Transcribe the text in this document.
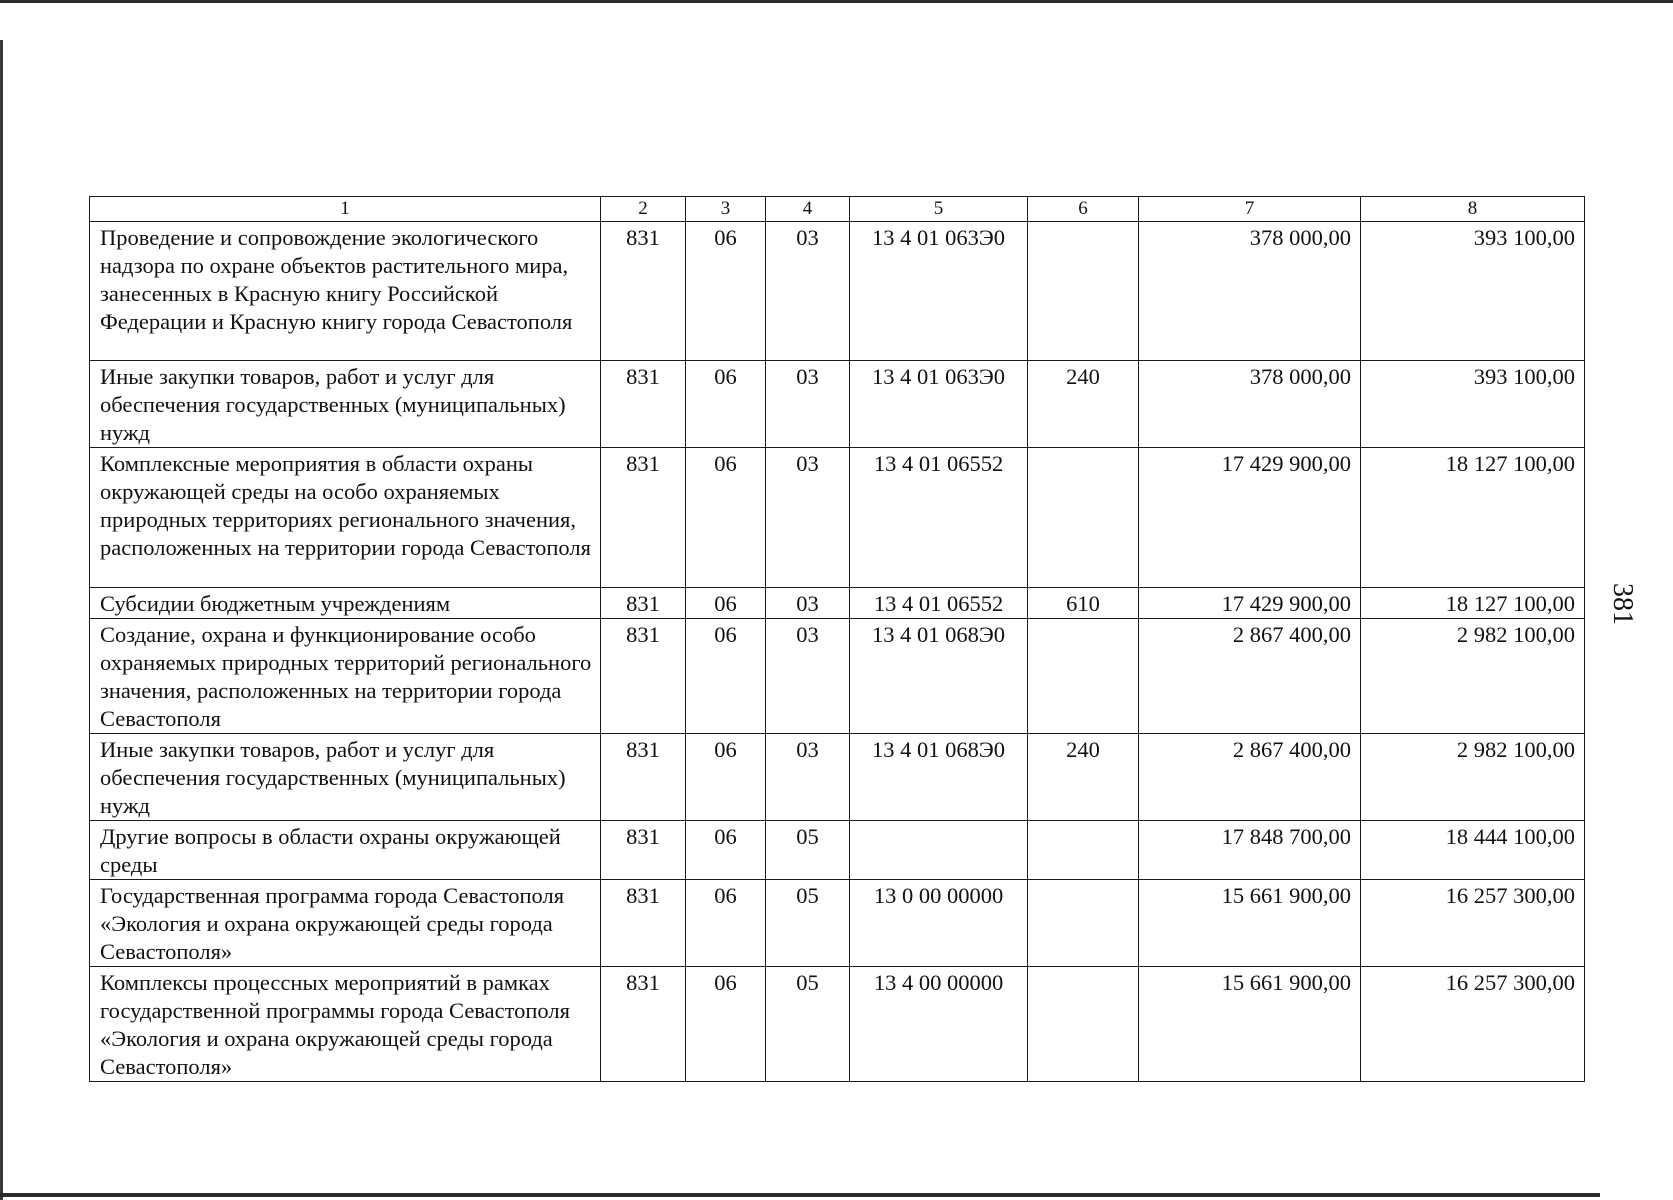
1	2	3	4	5	6	7	8
Проведение и сопровождение экологического надзора по охране объектов растительного мира, занесенных в Красную книгу Российской Федерации и Красную книгу города Севастополя	831	06	03	13 4 01 063Э0		378 000,00	393 100,00
Иные закупки товаров, работ и услуг для обеспечения государственных (муниципальных) нужд	831	06	03	13 4 01 063Э0	240	378 000,00	393 100,00
Комплексные мероприятия в области охраны окружающей среды на особо охраняемых природных территориях регионального значения, расположенных на территории города Севастополя	831	06	03	13 4 01 06552		17 429 900,00	18 127 100,00
Субсидии бюджетным учреждениям	831	06	03	13 4 01 06552	610	17 429 900,00	18 127 100,00
Создание, охрана и функционирование особо охраняемых природных территорий регионального значения, расположенных на территории города Севастополя	831	06	03	13 4 01 068Э0		2 867 400,00	2 982 100,00
Иные закупки товаров, работ и услуг для обеспечения государственных (муниципальных) нужд	831	06	03	13 4 01 068Э0	240	2 867 400,00	2 982 100,00
Другие вопросы в области охраны окружающей среды	831	06	05			17 848 700,00	18 444 100,00
Государственная программа города Севастополя «Экология и охрана окружающей среды города Севастополя»	831	06	05	13 0 00 00000		15 661 900,00	16 257 300,00
Комплексы процессных мероприятий в рамках государственной программы города Севастополя «Экология и охрана окружающей среды города Севастополя»	831	06	05	13 4 00 00000		15 661 900,00	16 257 300,00
381
